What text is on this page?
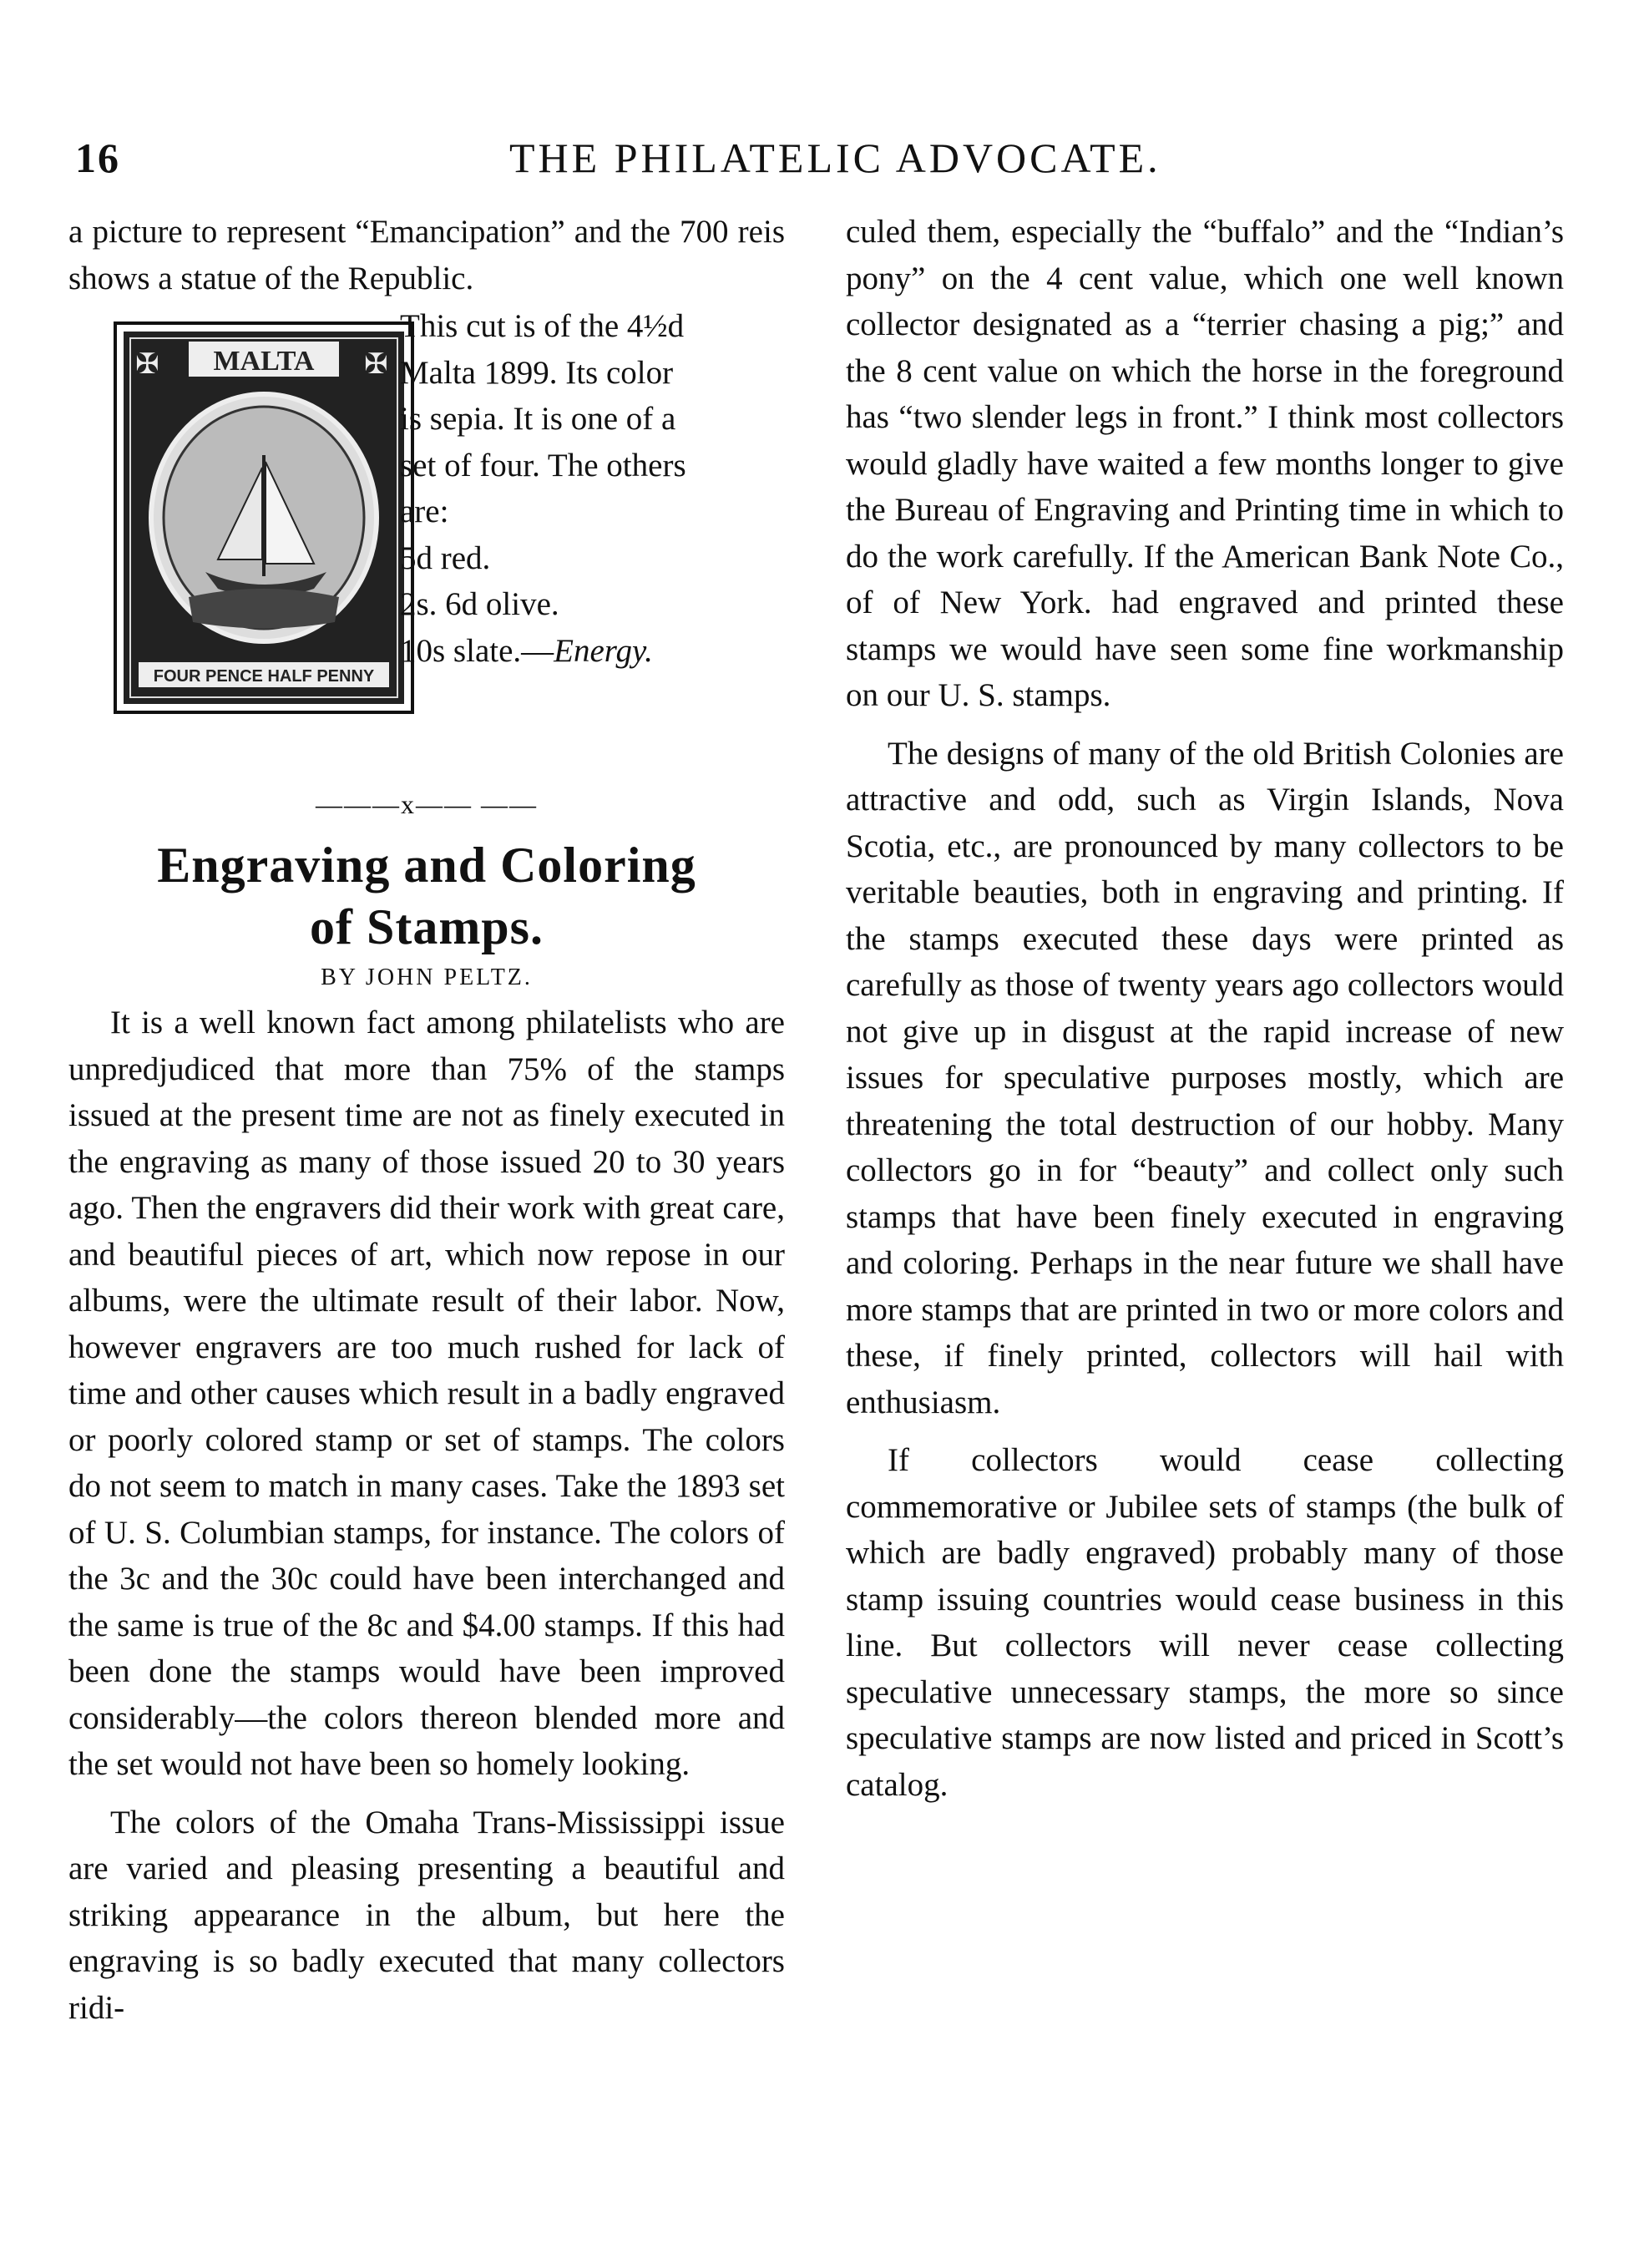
16	THE PHILATELIC ADVOCATE.

a picture to represent “Emancipation” and the 700 reis shows a statue of the Republic.

✠	✠
MALTA
FOUR PENCE HALF PENNY
This cut is of the 4½d
Malta 1899. Its color
is sepia. It is one of a
set of four. The others
are:
5d red.
2s. 6d olive.
10s slate.—Energy.
———x—— ——
Engraving and Coloring
of Stamps.
BY JOHN PELTZ.

It is a well known fact among philatelists who are unpredjudiced that more than 75% of the stamps issued at the present time are not as finely executed in the engraving as many of those issued 20 to 30 years ago. Then the engravers did their work with great care, and beautiful pieces of art, which now repose in our albums, were the ultimate result of their labor. Now, however engravers are too much rushed for lack of time and other causes which result in a badly engraved or poorly colored stamp or set of stamps. The colors do not seem to match in many cases. Take the 1893 set of U. S. Columbian stamps, for instance. The colors of the 3c and the 30c could have been interchanged and the same is true of the 8c and $4.00 stamps. If this had been done the stamps would have been improved considerably—the colors thereon blended more and the set would not have been so homely looking.

The colors of the Omaha Trans-Mississippi issue are varied and pleasing presenting a beautiful and striking appearance in the album, but here the engraving is so badly executed that many collectors ridi-

culed them, especially the “buffalo” and the “Indian’s pony” on the 4 cent value, which one well known collector designated as a “terrier chasing a pig;” and the 8 cent value on which the horse in the foreground has “two slender legs in front.” I think most collectors would gladly have waited a few months longer to give the Bureau of Engraving and Printing time in which to do the work carefully. If the American Bank Note Co., of of New York. had engraved and printed these stamps we would have seen some fine workmanship on our U. S. stamps.

The designs of many of the old British Colonies are attractive and odd, such as Virgin Islands, Nova Scotia, etc., are pronounced by many collectors to be veritable beauties, both in engraving and printing. If the stamps executed these days were printed as carefully as those of twenty years ago collectors would not give up in disgust at the rapid increase of new issues for speculative purposes mostly, which are threatening the total destruction of our hobby. Many collectors go in for “beauty” and collect only such stamps that have been finely executed in engraving and coloring. Perhaps in the near future we shall have more stamps that are printed in two or more colors and these, if finely printed, collectors will hail with enthusiasm.

If collectors would cease collecting commemorative or Jubilee sets of stamps (the bulk of which are badly engraved) probably many of those stamp issuing countries would cease business in this line. But collectors will never cease collecting speculative unnecessary stamps, the more so since speculative stamps are now listed and priced in Scott’s catalog.
